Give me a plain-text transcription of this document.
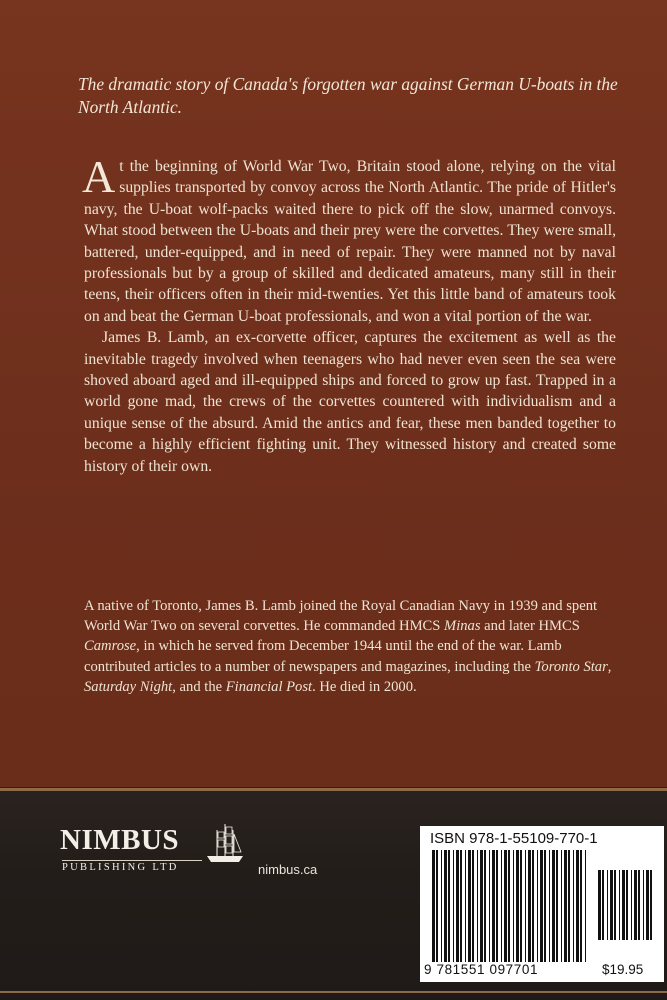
The dramatic story of Canada's forgotten war against German U-boats in the North Atlantic.

At the beginning of World War Two, Britain stood alone, relying on the vital supplies transported by convoy across the North Atlantic. The pride of Hitler's navy, the U-boat wolf-packs waited there to pick off the slow, unarmed convoys. What stood between the U-boats and their prey were the corvettes. They were small, battered, under-equipped, and in need of repair. They were manned not by naval professionals but by a group of skilled and dedicated amateurs, many still in their teens, their officers often in their mid-twenties. Yet this little band of amateurs took on and beat the German U-boat professionals, and won a vital portion of the war.

James B. Lamb, an ex-corvette officer, captures the excitement as well as the inevitable tragedy involved when teenagers who had never even seen the sea were shoved aboard aged and ill-equipped ships and forced to grow up fast. Trapped in a world gone mad, the crews of the corvettes countered with individualism and a unique sense of the absurd. Amid the antics and fear, these men banded together to become a highly efficient fighting unit. They witnessed history and created some history of their own.

A native of Toronto, James B. Lamb joined the Royal Canadian Navy in 1939 and spent World War Two on several corvettes. He commanded HMCS Minas and later HMCS Camrose, in which he served from December 1944 until the end of the war. Lamb contributed articles to a number of newspapers and magazines, including the Toronto Star, Saturday Night, and the Financial Post. He died in 2000.

NIMBUS
PUBLISHING LTD	nimbus.ca
ISBN 978-1-55109-770-1
9 781551 097701	$19.95
